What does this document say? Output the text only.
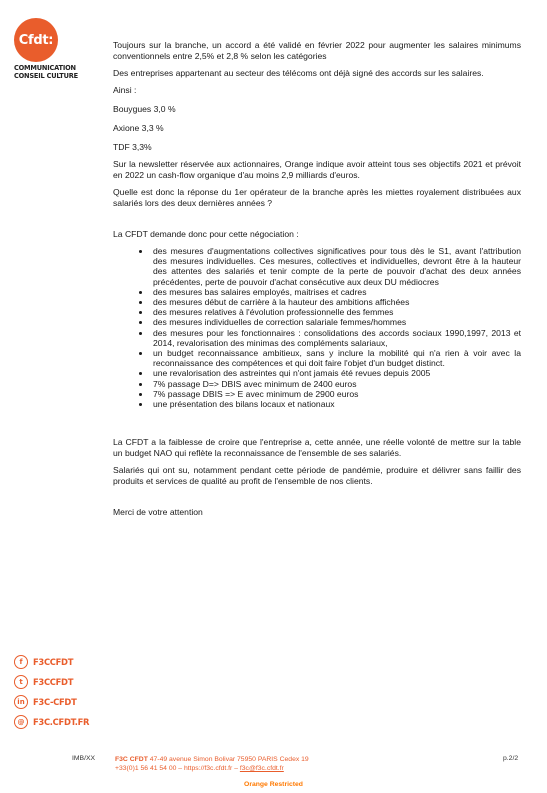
Cfdt:
COMMUNICATION
CONSEIL CULTURE

Toujours sur la branche, un accord a été validé en février 2022 pour augmenter les salaires minimums conventionnels entre 2,5% et 2,8 % selon les catégories

Des entreprises appartenant au secteur des télécoms ont déjà signé des accords sur les salaires.

Ainsi :

Bouygues 3,0 %

Axione 3,3 %

TDF 3,3%

Sur la newsletter réservée aux actionnaires, Orange indique avoir atteint tous ses objectifs 2021 et prévoit en 2022 un cash-flow organique d'au moins 2,9 milliards d'euros.

Quelle est donc la réponse du 1er opérateur de la branche après les miettes royalement distribuées aux salariés lors des deux dernières années ?

La CFDT demande donc pour cette négociation :

• des mesures d'augmentations collectives significatives pour tous dès le S1, avant l'attribution des mesures individuelles. Ces mesures, collectives et individuelles, devront être à la hauteur des attentes des salariés et tenir compte de la perte de pouvoir d'achat des deux années précédentes, perte de pouvoir d'achat consécutive aux deux DU médiocres
• des mesures bas salaires employés, maitrises et cadres
• des mesures début de carrière à la hauteur des ambitions affichées
• des mesures relatives à l'évolution professionnelle des femmes
• des mesures individuelles de correction salariale femmes/hommes
• des mesures pour les fonctionnaires : consolidations des accords sociaux 1990,1997, 2013 et 2014, revalorisation des minimas des compléments salariaux,
• un budget reconnaissance ambitieux, sans y inclure la mobilité qui n'a rien à voir avec la reconnaissance des compétences et qui doit faire l'objet d'un budget distinct.
• une revalorisation des astreintes qui n'ont jamais été revues depuis 2005
• 7% passage D=> DBIS avec minimum de 2400 euros
• 7% passage DBIS => E avec minimum de 2900 euros
• une présentation des bilans locaux et nationaux

La CFDT a la faiblesse de croire que l'entreprise a, cette année, une réelle volonté de mettre sur la table un budget NAO qui reflète la reconnaissance de l'ensemble de ses salariés.

Salariés qui ont su, notamment pendant cette période de pandémie, produire et délivrer sans faillir des produits et services de qualité au profit de l'ensemble de nos clients.

Merci de votre attention

f	F3CCFDT
t	F3CCFDT
in F3C-CFDT
@	F3C.CFDT.FR
IMB/XX	F3C CFDT 47-49 avenue Simon Bolivar 75950 PARIS Cedex 19
+33(0)1 56 41 54 00 – https://f3c.cfdt.fr – f3c@f3c.cfdt.fr
p.2/2
Orange Restricted
